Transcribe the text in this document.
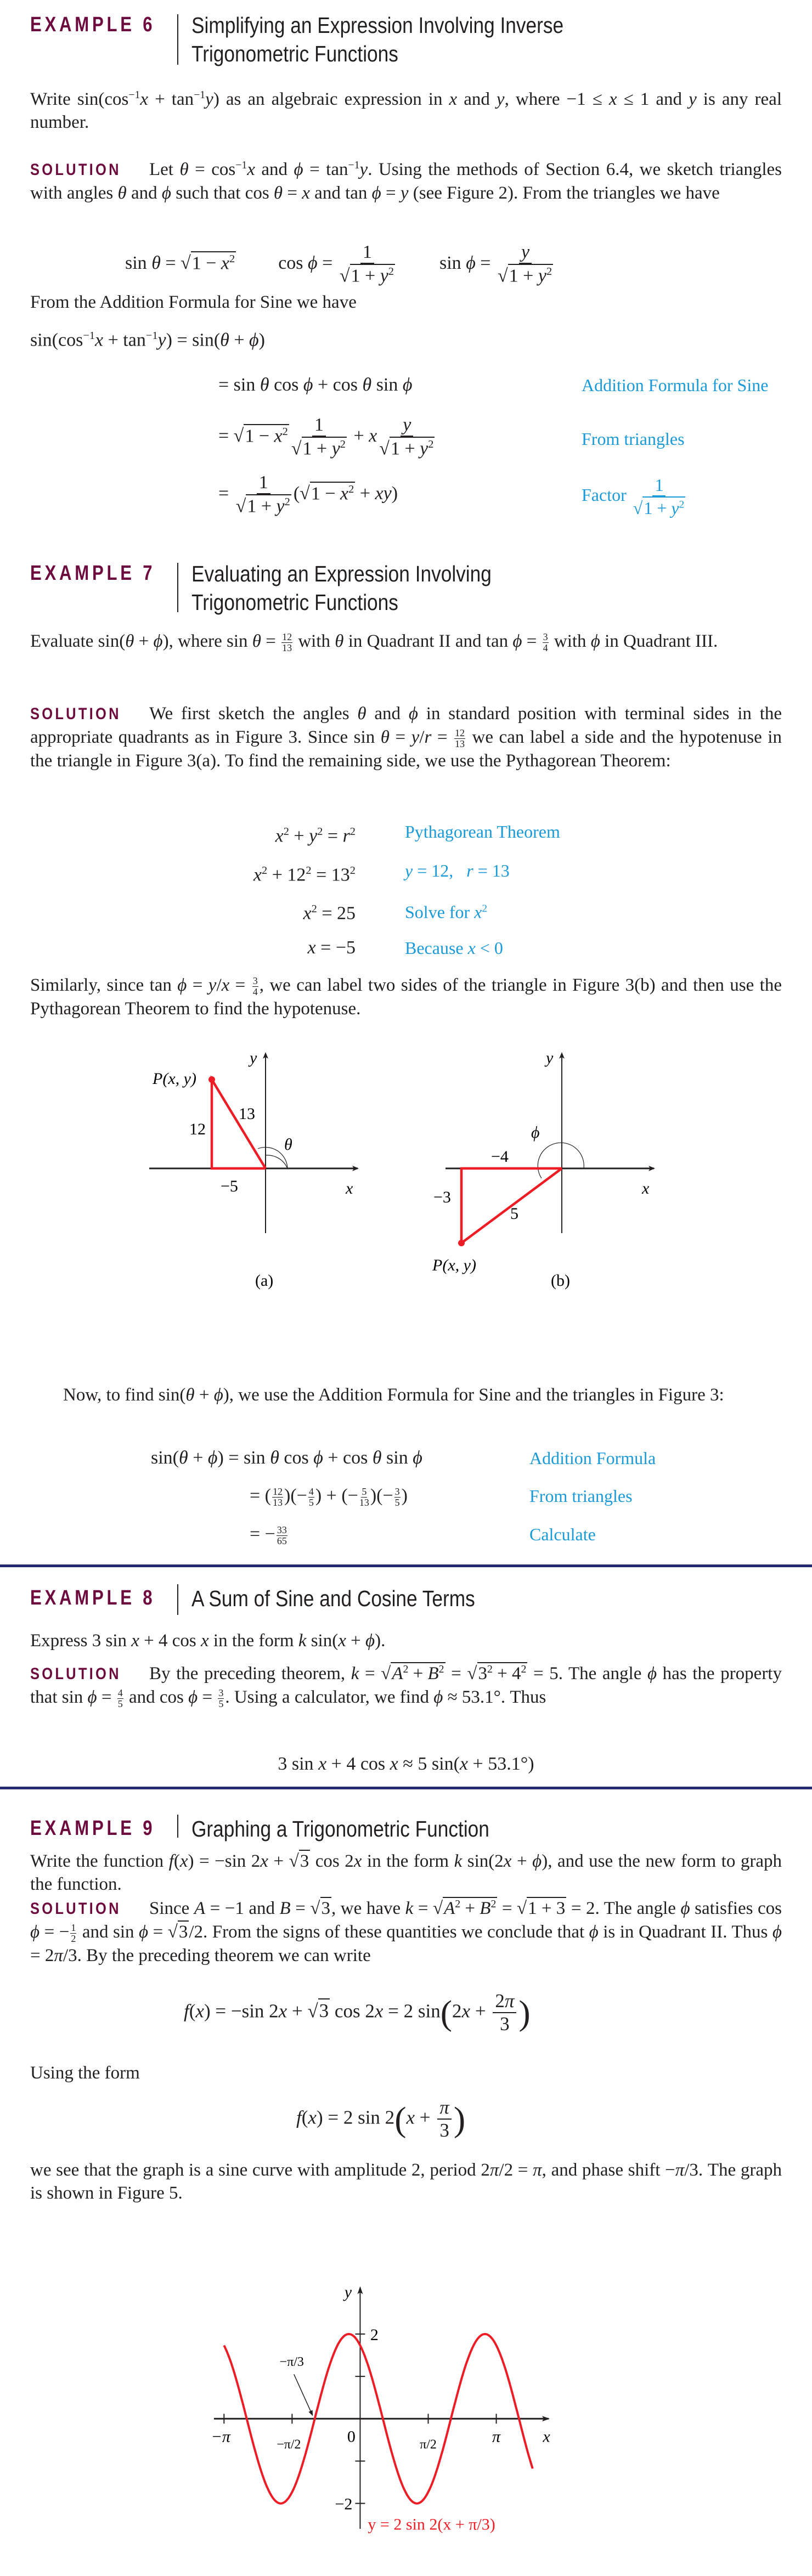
EXAMPLE 6 Simplifying an Expression Involving Inverse
Trigonometric Functions
Write $\sin(\cos^{-1}x + \tan^{-1}y)$ as an algebraic expression in x and y, where −1 ≤ x ≤ 1 and y is any real number.
SOLUTION Let $\theta = \cos^{-1}x$ and $\phi = \tan^{-1}y$. Using the methods of Section 6.4, we sketch triangles with angles θ and ϕ such that cos θ = x and tan ϕ = y (see Figure 2). From the triangles we have
$\sin \theta = √1 - x^2$ $\cos \phi = \frac{1}{√1 + y^2}$ $\sin \phi = \frac{y}{√1 + y^2}$
From the Addition Formula for Sine we have
$\sin(\cos^{-1}x + \tan^{-1}y) = \sin(\theta + \phi)$
= sin θ cos ϕ + cos θ sin ϕ	Addition Formula for Sine
= $√1 - x^2 \frac{1}{√1 + y^2} + x \frac{y}{√1 + y^2}$	From triangles
= $\frac{1}{√1 + y^2} (√1 - x^2 + xy)$	Factor $\frac{1}{√1 + y^2}$
EXAMPLE 7 Evaluating an Expression Involving
Trigonometric Functions
Evaluate sin(θ + ϕ), where $\sin \theta = \frac{12}{13}$ with θ in Quadrant II and $\tan \phi = \frac{3}{4}$ with ϕ in Quadrant III.
SOLUTION We first sketch the angles θ and ϕ in standard position with terminal sides in the appropriate quadrants as in Figure 3. Since $\sin \theta = y/r = \frac{12}{13}$ we can label a side and the hypotenuse in the triangle in Figure 3(a). To find the remaining side, we use the Pythagorean Theorem:
$x^2 + y^2 = r^2$	Pythagorean Theorem
$x^2 + 12^2 = 13^2$	y = 12,   r = 13
$x^2 = 25$	Solve for $x^2$
x = −5	Because x < 0
Similarly, since $\tan \phi = y/x = \frac{3}{4}$ , we can label two sides of the triangle in Figure 3(b) and then use the Pythagorean Theorem to find the hypotenuse.
P(x, y)
12
13
−5
θ
x
y
(a)
P(x, y)
−3
5
−4
ϕ
x
y
(b)
Now, to find sin(θ + ϕ), we use the Addition Formula for Sine and the triangles in Figure 3:
sin(θ + ϕ) = sin θ cos ϕ + cos θ sin ϕ	Addition Formula
= ( $\frac{12}{13}$ )(− $\frac{4}{5}$ ) + (− $\frac{5}{13}$ )(− $\frac{3}{5}$ )	From triangles
= − $\frac{33}{65}$	Calculate
EXAMPLE 8 A Sum of Sine and Cosine Terms
Express 3 sin x + 4 cos x in the form k sin(x + ϕ).
SOLUTION By the preceding theorem, $k = √A^2 + B^2 = √3^2 + 4^2 = 5$. The angle ϕ has the property that $\sin \phi = \frac{4}{5}$ and $\cos \phi = \frac{3}{5}$ . Using a calculator, we find ϕ ≈ 53.1°. Thus
3 sin x + 4 cos x ≈ 5 sin(x + 53.1°)
EXAMPLE 9 Graphing a Trigonometric Function
Write the function f(x) = −sin 2x + √3 cos 2x in the form k sin(2x + ϕ), and use the new form to graph the function.
SOLUTION Since A = −1 and B = √3, we have $k = √A^2 + B^2 = √1 + 3 = 2$. The angle ϕ satisfies cos ϕ = − $\frac{1}{2}$ and sin ϕ = √3/2. From the signs of these quantities we conclude that ϕ is in Quadrant II. Thus ϕ = 2π/3. By the preceding theorem we can write
f(x) = −sin 2x + √3 cos 2x = 2 $\sin(2x + \frac{2\pi}{3}$ )
Using the form
f(x) = 2 $\sin 2(x + \frac{\pi}{3}$ )
we see that the graph is a sine curve with amplitude 2, period 2π/2 = π, and phase shift −π/3. The graph is shown in Figure 5.
−π	−π/2	0	π/2	π	x
y
2
−2
−π/3
y = 2 sin 2(x + π/3)
